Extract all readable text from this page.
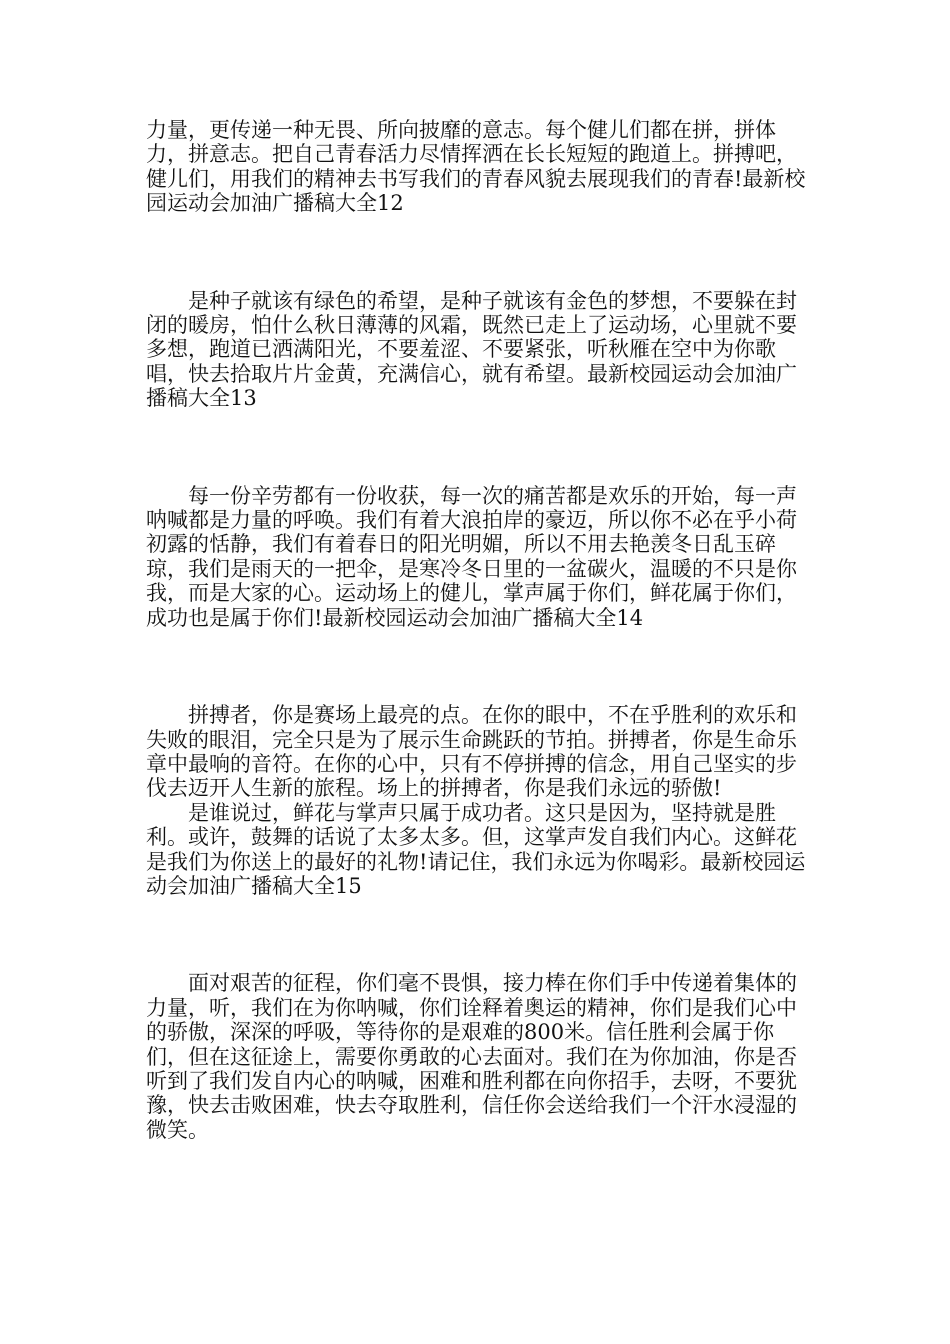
力量，更传递一种无畏、所向披靡的意志。每个健儿们都在拼，拼体力，拼意志。把自己青春活力尽情挥洒在长长短短的跑道上。拼搏吧，健儿们，用我们的精神去书写我们的青春风貌去展现我们的青春!最新校园运动会加油广播稿大全12

是种子就该有绿色的希望，是种子就该有金色的梦想，不要躲在封闭的暖房，怕什么秋日薄薄的风霜，既然已走上了运动场，心里就不要多想，跑道已洒满阳光，不要羞涩、不要紧张，听秋雁在空中为你歌唱，快去拾取片片金黄，充满信心，就有希望。最新校园运动会加油广播稿大全13

每一份辛劳都有一份收获，每一次的痛苦都是欢乐的开始，每一声呐喊都是力量的呼唤。我们有着大浪拍岸的豪迈，所以你不必在乎小荷初露的恬静，我们有着春日的阳光明媚，所以不用去艳羡冬日乱玉碎琼，我们是雨天的一把伞，是寒冷冬日里的一盆碳火，温暖的不只是你我，而是大家的心。运动场上的健儿，掌声属于你们，鲜花属于你们，成功也是属于你们!最新校园运动会加油广播稿大全14

拼搏者，你是赛场上最亮的点。在你的眼中，不在乎胜利的欢乐和失败的眼泪，完全只是为了展示生命跳跃的节拍。拼搏者，你是生命乐章中最响的音符。在你的心中，只有不停拼搏的信念，用自己坚实的步伐去迈开人生新的旅程。场上的拼搏者，你是我们永远的骄傲!

是谁说过，鲜花与掌声只属于成功者。这只是因为，坚持就是胜利。或许，鼓舞的话说了太多太多。但，这掌声发自我们内心。这鲜花是我们为你送上的最好的礼物!请记住，我们永远为你喝彩。最新校园运动会加油广播稿大全15

面对艰苦的征程，你们毫不畏惧，接力棒在你们手中传递着集体的力量，听，我们在为你呐喊，你们诠释着奥运的精神，你们是我们心中的骄傲，深深的呼吸，等待你的是艰难的800米。信任胜利会属于你们，但在这征途上，需要你勇敢的心去面对。我们在为你加油，你是否听到了我们发自内心的呐喊，困难和胜利都在向你招手，去呀，不要犹豫，快去击败困难，快去夺取胜利，信任你会送给我们一个汗水浸湿的微笑。
